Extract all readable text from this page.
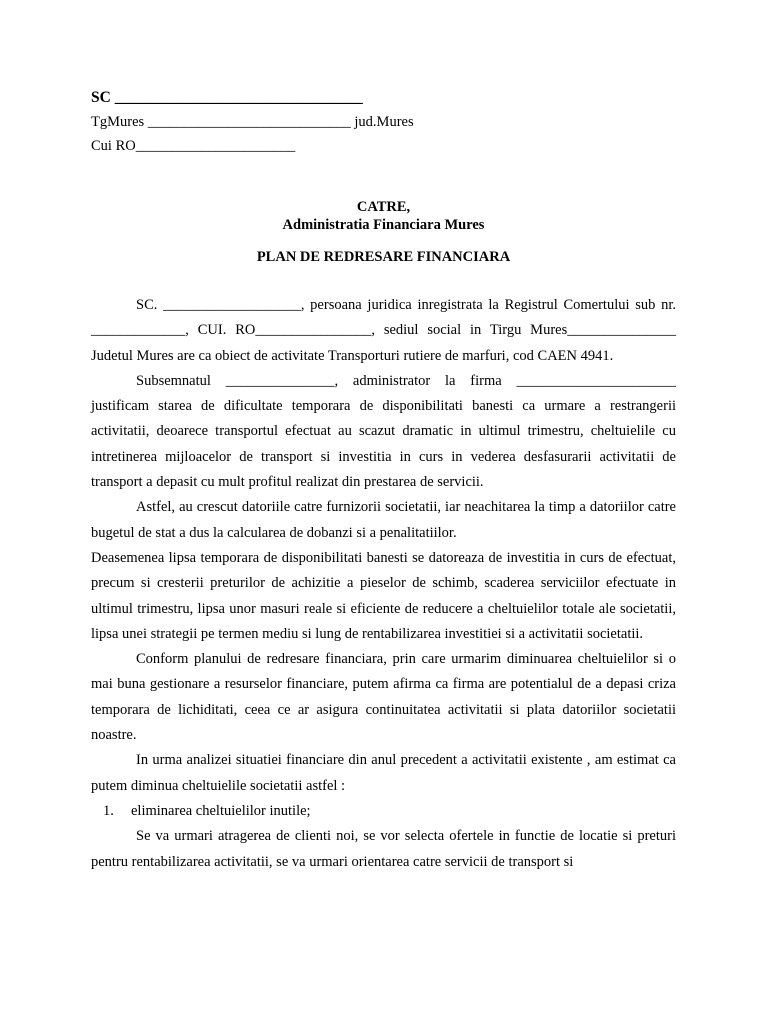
SC ________________________________
TgMures ____________________________ jud.Mures
Cui RO______________________
CATRE,
Administratia Financiara Mures
PLAN DE REDRESARE FINANCIARA

SC. ___________________, persoana juridica inregistrata la Registrul Comertului sub nr. _____________, CUI. RO________________, sediul social in Tirgu Mures_______________ Judetul Mures are ca obiect de activitate Transporturi rutiere de marfuri, cod CAEN 4941.

Subsemnatul _______________, administrator la firma ______________________ justificam starea de dificultate temporara de disponibilitati banesti ca urmare a restrangerii activitatii, deoarece transportul efectuat au scazut dramatic in ultimul trimestru, cheltuielile cu intretinerea mijloacelor de transport si investitia in curs in vederea desfasurarii activitatii de transport a depasit cu mult profitul realizat din prestarea de servicii.

Astfel, au crescut datoriile catre furnizorii societatii, iar neachitarea la timp a datoriilor catre bugetul de stat a dus la calcularea de dobanzi si a penalitatiilor.

Deasemenea lipsa temporara de disponibilitati banesti se datoreaza de investitia in curs de efectuat, precum si cresterii preturilor de achizitie a pieselor de schimb, scaderea serviciilor efectuate in ultimul trimestru, lipsa unor masuri reale si eficiente de reducere a cheltuielilor totale ale societatii, lipsa unei strategii pe termen mediu si lung de rentabilizarea investitiei si a activitatii societatii.

Conform planului de redresare financiara, prin care urmarim diminuarea cheltuielilor si o mai buna gestionare a resurselor financiare, putem afirma ca firma are potentialul de a depasi criza temporara de lichiditati, ceea ce ar asigura continuitatea activitatii si plata datoriilor societatii noastre.

In urma analizei situatiei financiare din anul precedent a activitatii existente , am estimat ca putem diminua cheltuielile societatii astfel :

1.	eliminarea cheltuielilor inutile;

Se va urmari atragerea de clienti noi, se vor selecta ofertele in functie de locatie si preturi pentru rentabilizarea activitatii, se va urmari orientarea catre servicii de transport si
